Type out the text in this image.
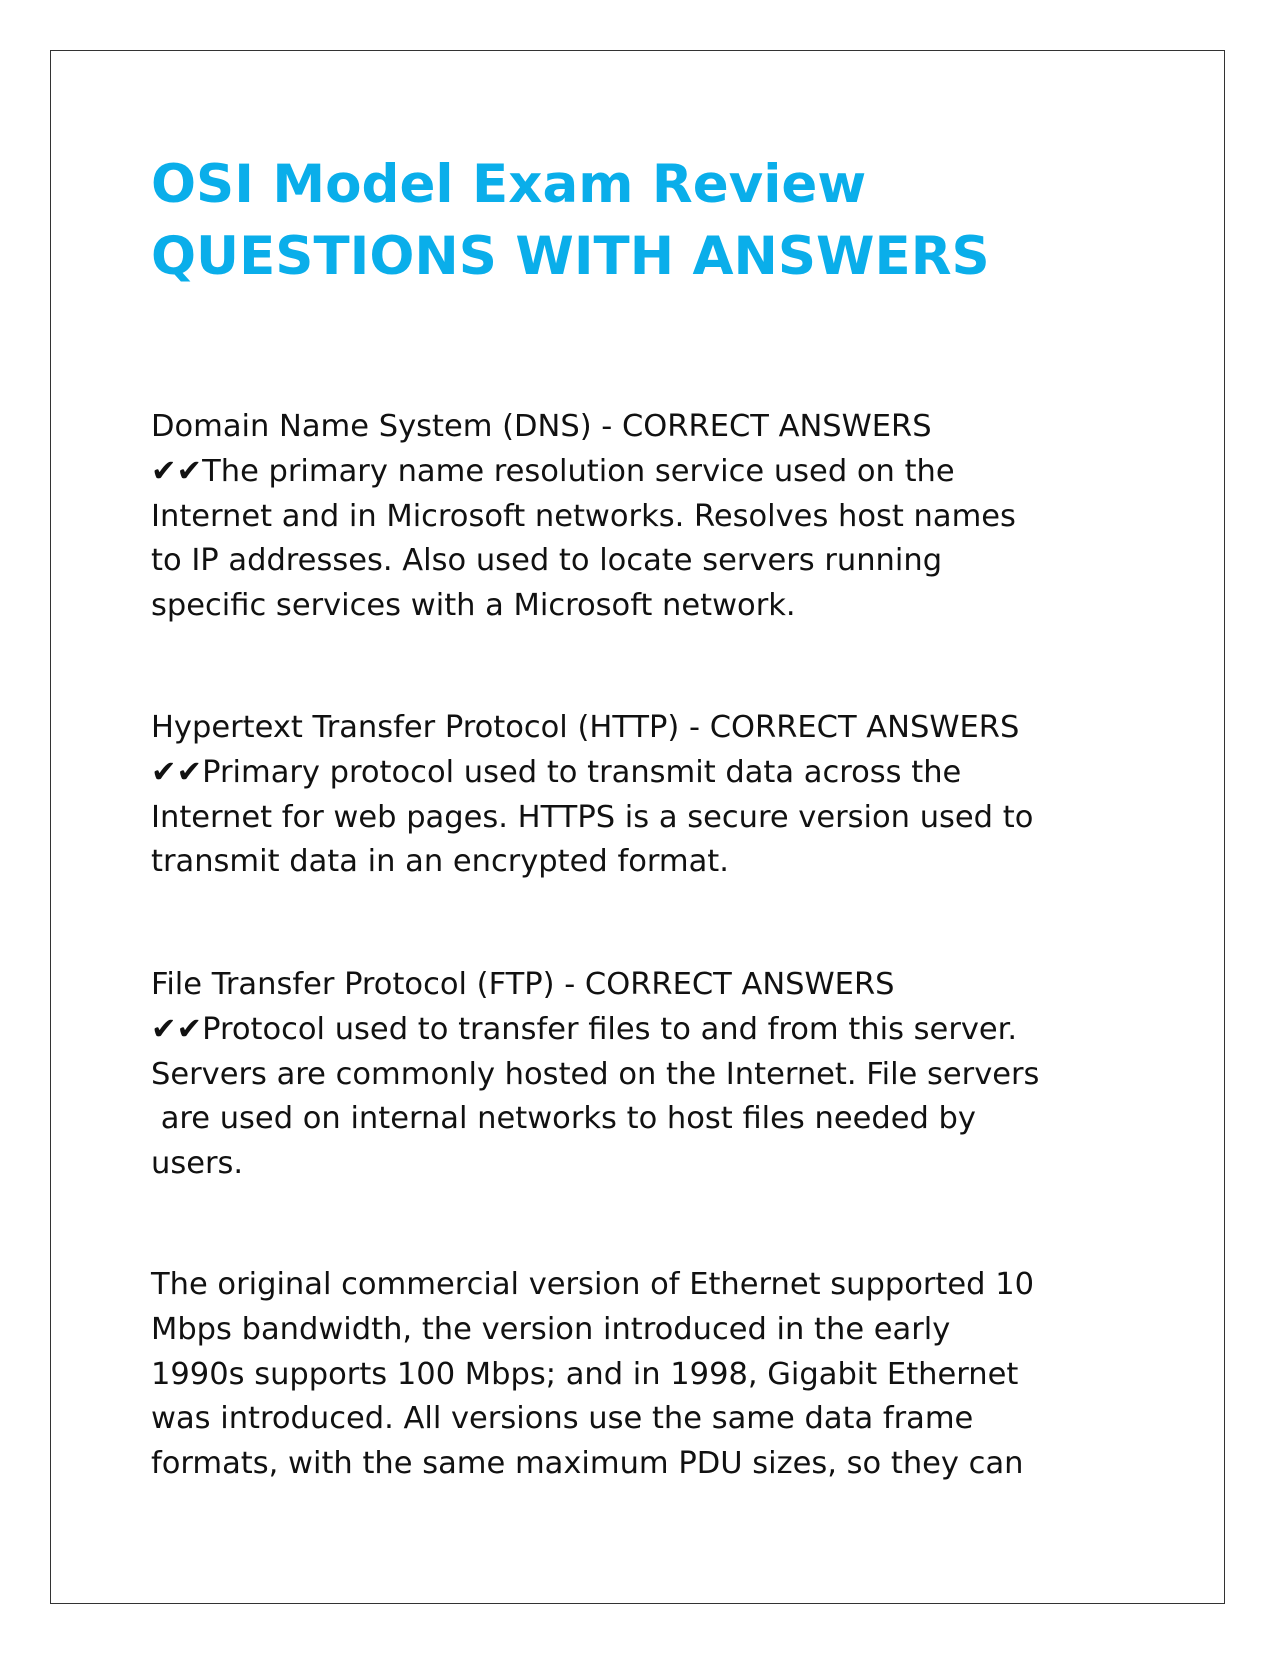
OSI Model Exam Review
QUESTIONS WITH ANSWERS

Domain Name System (DNS) - CORRECT ANSWERS
✔✔The primary name resolution service used on the
Internet and in Microsoft networks. Resolves host names
to IP addresses. Also used to locate servers running
specific services with a Microsoft network.

Hypertext Transfer Protocol (HTTP) - CORRECT ANSWERS
✔✔Primary protocol used to transmit data across the
Internet for web pages. HTTPS is a secure version used to
transmit data in an encrypted format.

File Transfer Protocol (FTP) - CORRECT ANSWERS
✔✔Protocol used to transfer files to and from this server.
Servers are commonly hosted on the Internet. File servers
are used on internal networks to host files needed by
users.

The original commercial version of Ethernet supported 10
Mbps bandwidth, the version introduced in the early
1990s supports 100 Mbps; and in 1998, Gigabit Ethernet
was introduced. All versions use the same data frame
formats, with the same maximum PDU sizes, so they can
